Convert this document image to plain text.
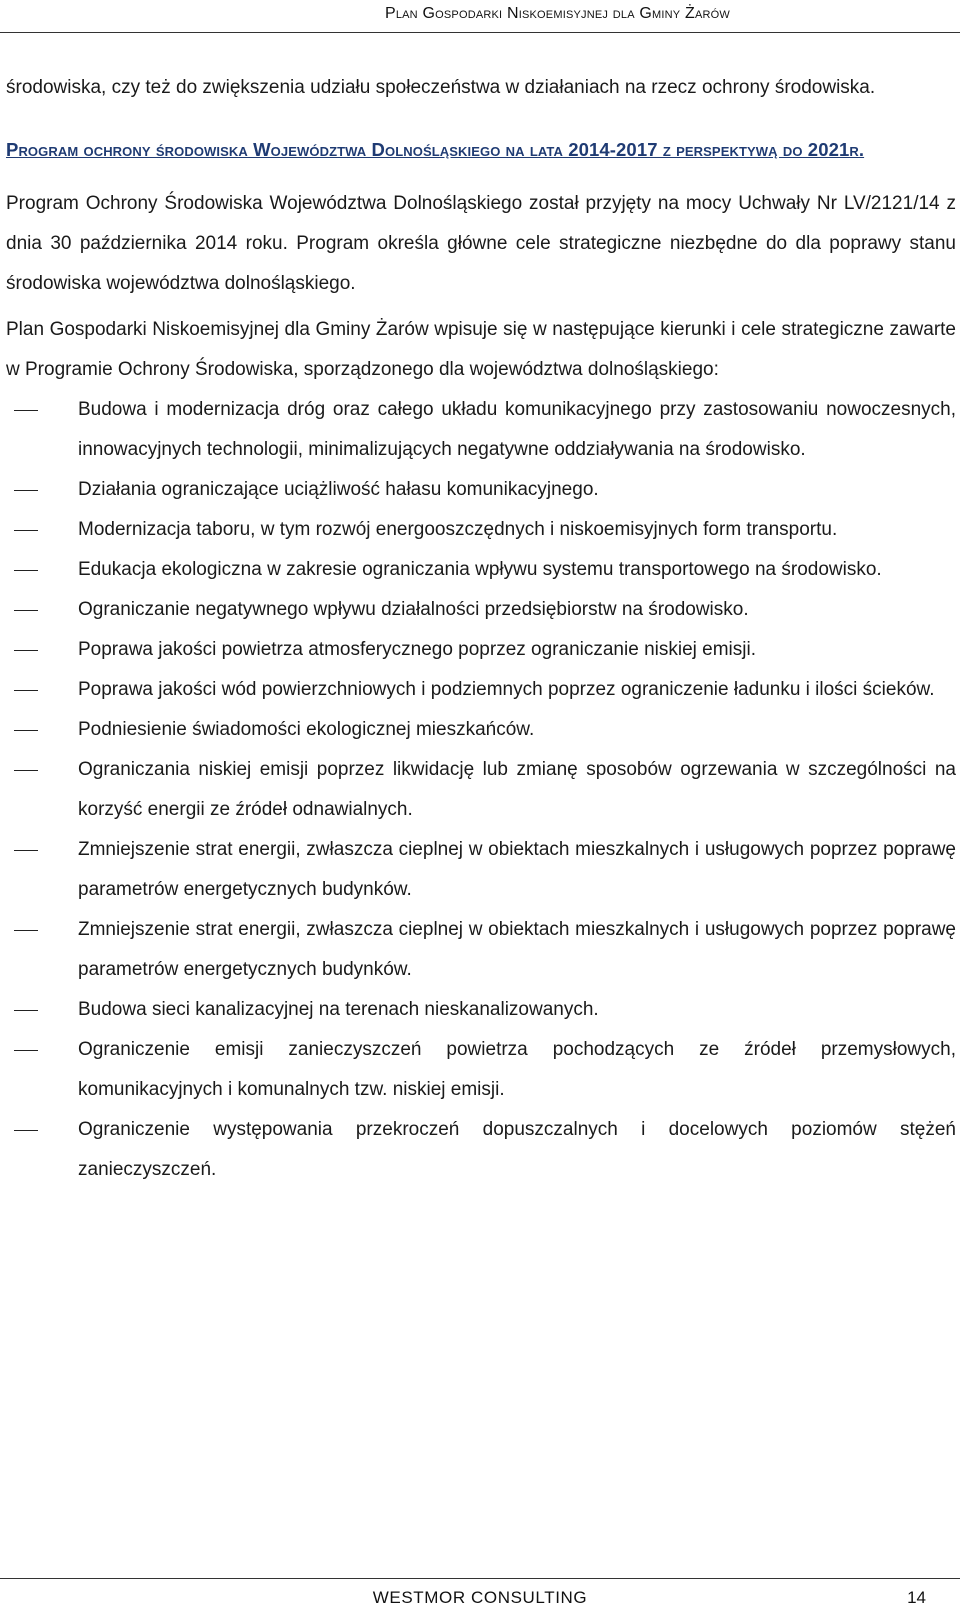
Plan Gospodarki Niskoemisyjnej dla Gminy Żarów

środowiska, czy też do zwiększenia udziału społeczeństwa w działaniach na rzecz ochrony środowiska.

Program ochrony środowiska Województwa Dolnośląskiego na lata 2014-2017 z perspektywą do 2021r.

Program Ochrony Środowiska Województwa Dolnośląskiego został przyjęty na mocy Uchwały Nr LV/2121/14 z dnia 30 października 2014 roku. Program określa główne cele strategiczne niezbędne do dla poprawy stanu środowiska województwa dolnośląskiego.

Plan Gospodarki Niskoemisyjnej dla Gminy Żarów wpisuje się w następujące kierunki i cele strategiczne zawarte w Programie Ochrony Środowiska, sporządzonego dla województwa dolnośląskiego:

Budowa i modernizacja dróg oraz całego układu komunikacyjnego przy zastosowaniu nowoczesnych, innowacyjnych technologii, minimalizujących negatywne oddziaływania na środowisko.
Działania ograniczające uciążliwość hałasu komunikacyjnego.
Modernizacja taboru, w tym rozwój energooszczędnych i niskoemisyjnych form transportu.
Edukacja ekologiczna w zakresie ograniczania wpływu systemu transportowego na środowisko.
Ograniczanie negatywnego wpływu działalności przedsiębiorstw na środowisko.
Poprawa jakości powietrza atmosferycznego poprzez ograniczanie niskiej emisji.
Poprawa jakości wód powierzchniowych i podziemnych poprzez ograniczenie ładunku i ilości ścieków.
Podniesienie świadomości ekologicznej mieszkańców.
Ograniczania niskiej emisji poprzez likwidację lub zmianę sposobów ogrzewania w szczególności na korzyść energii ze źródeł odnawialnych.
Zmniejszenie strat energii, zwłaszcza cieplnej w obiektach mieszkalnych i usługowych poprzez poprawę parametrów energetycznych budynków.
Zmniejszenie strat energii, zwłaszcza cieplnej w obiektach mieszkalnych i usługowych poprzez poprawę parametrów energetycznych budynków.
Budowa sieci kanalizacyjnej na terenach nieskanalizowanych.
Ograniczenie emisji zanieczyszczeń powietrza pochodzących ze źródeł przemysłowych, komunikacyjnych i komunalnych tzw. niskiej emisji.
Ograniczenie występowania przekroczeń dopuszczalnych i docelowych poziomów stężeń zanieczyszczeń.
WESTMOR CONSULTING	14
